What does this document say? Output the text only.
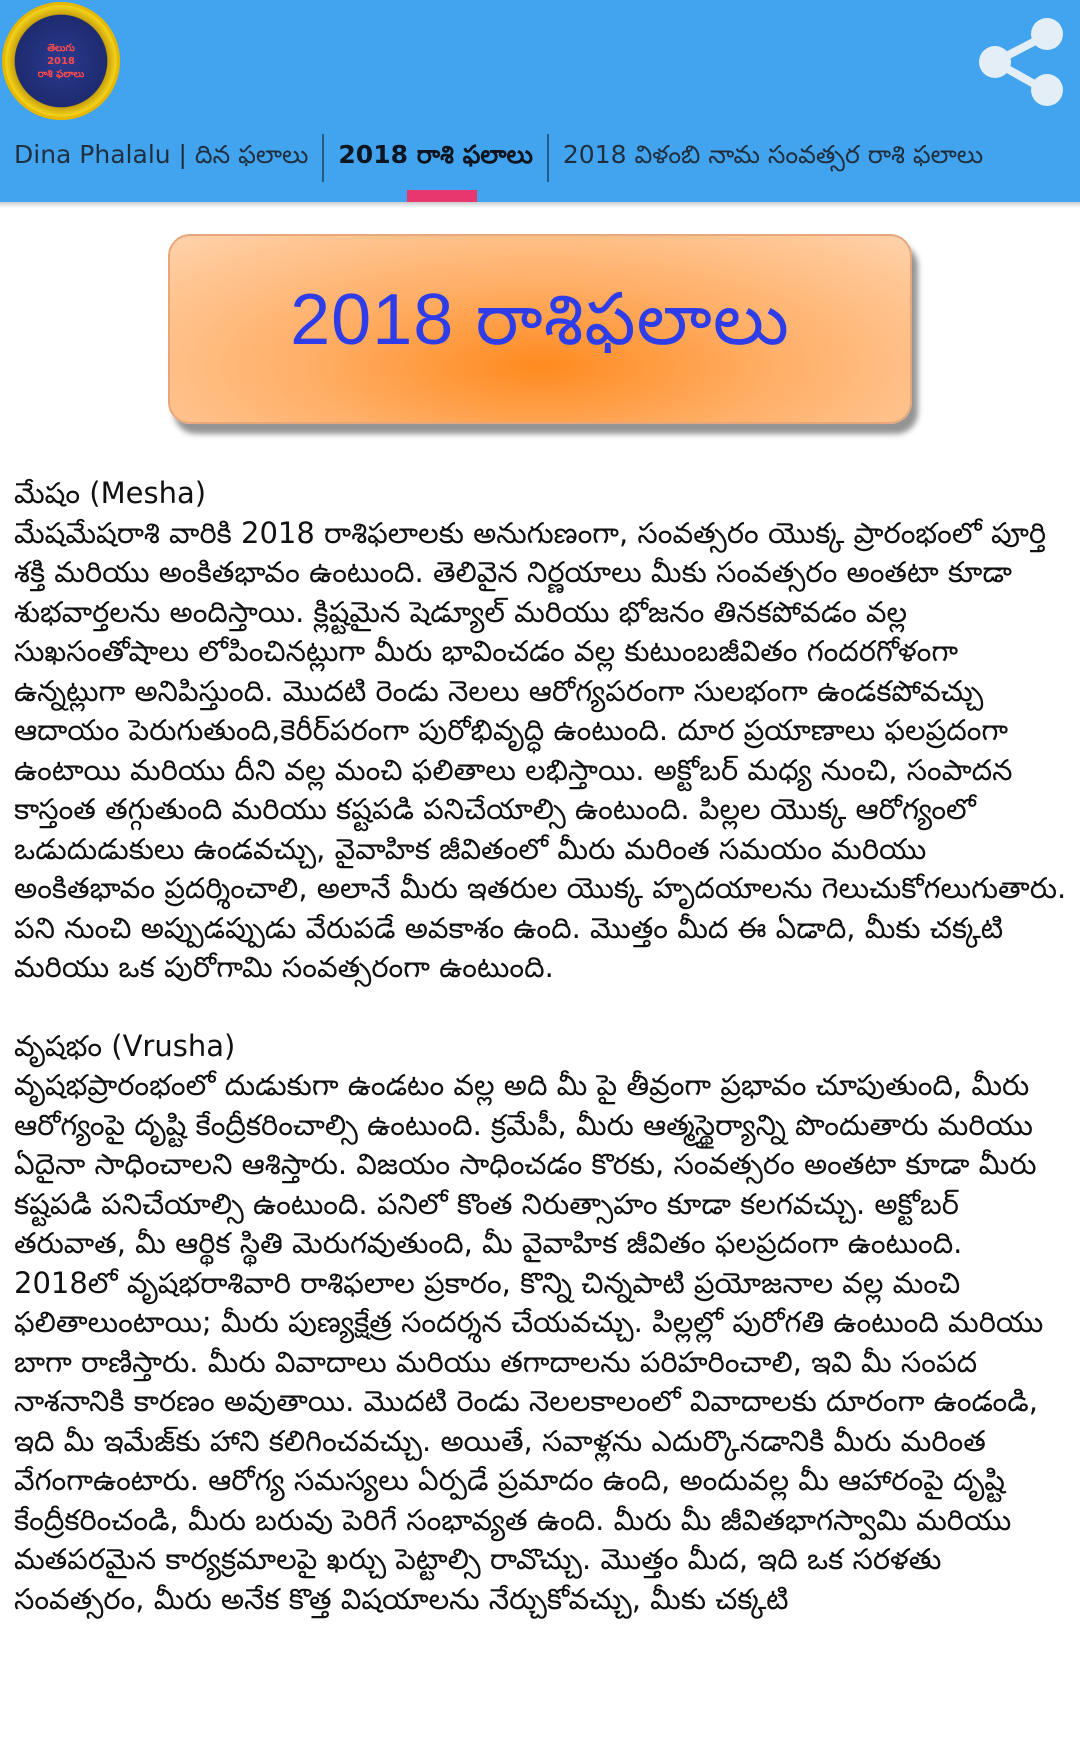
తెలుగు
2018
రాశి ఫలాలు
Dina Phalalu | దిన ఫలాలు	2018 రాశి ఫలాలు	2018 విళంబి నామ సంవత్సర రాశి ఫలాలు
2018 రాశిఫలాలు

మేషం (Mesha)

మేషమేషరాశి వారికి 2018 రాశిఫలాలకు అనుగుణంగా, సంవత్సరం యొక్క ప్రారంభంలో పూర్తి శక్తి మరియు అంకితభావం ఉంటుంది. తెలివైన నిర్ణయాలు మీకు సంవత్సరం అంతటా కూడా శుభవార్తలను అందిస్తాయి. క్లిష్టమైన షెడ్యూల్ మరియు భోజనం తినకపోవడం వల్ల సుఖసంతోషాలు లోపించినట్లుగా మీరు భావించడం వల్ల కుటుంబజీవితం గందరగోళంగా ఉన్నట్లుగా అనిపిస్తుంది. మొదటి రెండు నెలలు ఆరోగ్యపరంగా సులభంగా ఉండకపోవచ్చు ఆదాయం పెరుగుతుంది,కెరీర్‌పరంగా పురోభివృద్ధి ఉంటుంది. దూర ప్రయాణాలు ఫలప్రదంగా ఉంటాయి మరియు దీని వల్ల మంచి ఫలితాలు లభిస్తాయి. అక్టోబర్ మధ్య నుంచి, సంపాదన కాస్తంత తగ్గుతుంది మరియు కష్టపడి పనిచేయాల్సి ఉంటుంది. పిల్లల యొక్క ఆరోగ్యంలో ఒడుదుడుకులు ఉండవచ్చు, వైవాహిక జీవితంలో మీరు మరింత సమయం మరియు అంకితభావం ప్రదర్శించాలి, అలానే మీరు ఇతరుల యొక్క హృదయాలను గెలుచుకోగలుగుతారు. పని నుంచి అప్పుడప్పుడు వేరుపడే అవకాశం ఉంది. మొత్తం మీద ఈ ఏడాది, మీకు చక్కటి మరియు ఒక పురోగామి సంవత్సరంగా ఉంటుంది.

వృషభం (Vrusha)

వృషభప్రారంభంలో దుడుకుగా ఉండటం వల్ల అది మీ పై తీవ్రంగా ప్రభావం చూపుతుంది, మీరు ఆరోగ్యంపై దృష్టి కేంద్రీకరించాల్సి ఉంటుంది. క్రమేపీ, మీరు ఆత్మస్థైర్యాన్ని పొందుతారు మరియు ఏదైనా సాధించాలని ఆశిస్తారు. విజయం సాధించడం కొరకు, సంవత్సరం అంతటా కూడా మీరు కష్టపడి పనిచేయాల్సి ఉంటుంది. పనిలో కొంత నిరుత్సాహం కూడా కలగవచ్చు. అక్టోబర్ తరువాత, మీ ఆర్థిక స్థితి మెరుగవుతుంది, మీ వైవాహిక జీవితం ఫలప్రదంగా ఉంటుంది. 2018లో వృషభరాశివారి రాశిఫలాల ప్రకారం, కొన్ని చిన్నపాటి ప్రయోజనాల వల్ల మంచి ఫలితాలుంటాయి; మీరు పుణ్యక్షేత్ర సందర్శన చేయవచ్చు. పిల్లల్లో పురోగతి ఉంటుంది మరియు బాగా రాణిస్తారు. మీరు వివాదాలు మరియు తగాదాలను పరిహరించాలి, ఇవి మీ సంపద నాశనానికి కారణం అవుతాయి. మొదటి రెండు నెలలకాలంలో వివాదాలకు దూరంగా ఉండండి, ఇది మీ ఇమేజ్‌కు హాని కలిగించవచ్చు. అయితే, సవాళ్లను ఎదుర్కొనడానికి మీరు మరింత వేగంగాఉంటారు. ఆరోగ్య సమస్యలు ఏర్పడే ప్రమాదం ఉంది, అందువల్ల మీ ఆహారంపై దృష్టి కేంద్రీకరించండి, మీరు బరువు పెరిగే సంభావ్యత ఉంది. మీరు మీ జీవితభాగస్వామి మరియు మతపరమైన కార్యక్రమాలపై ఖర్చు పెట్టాల్సి రావొచ్చు. మొత్తం మీద, ఇది ఒక సరళతు సంవత్సరం, మీరు అనేక కొత్త విషయాలను నేర్చుకోవచ్చు, మీకు చక్కటి
